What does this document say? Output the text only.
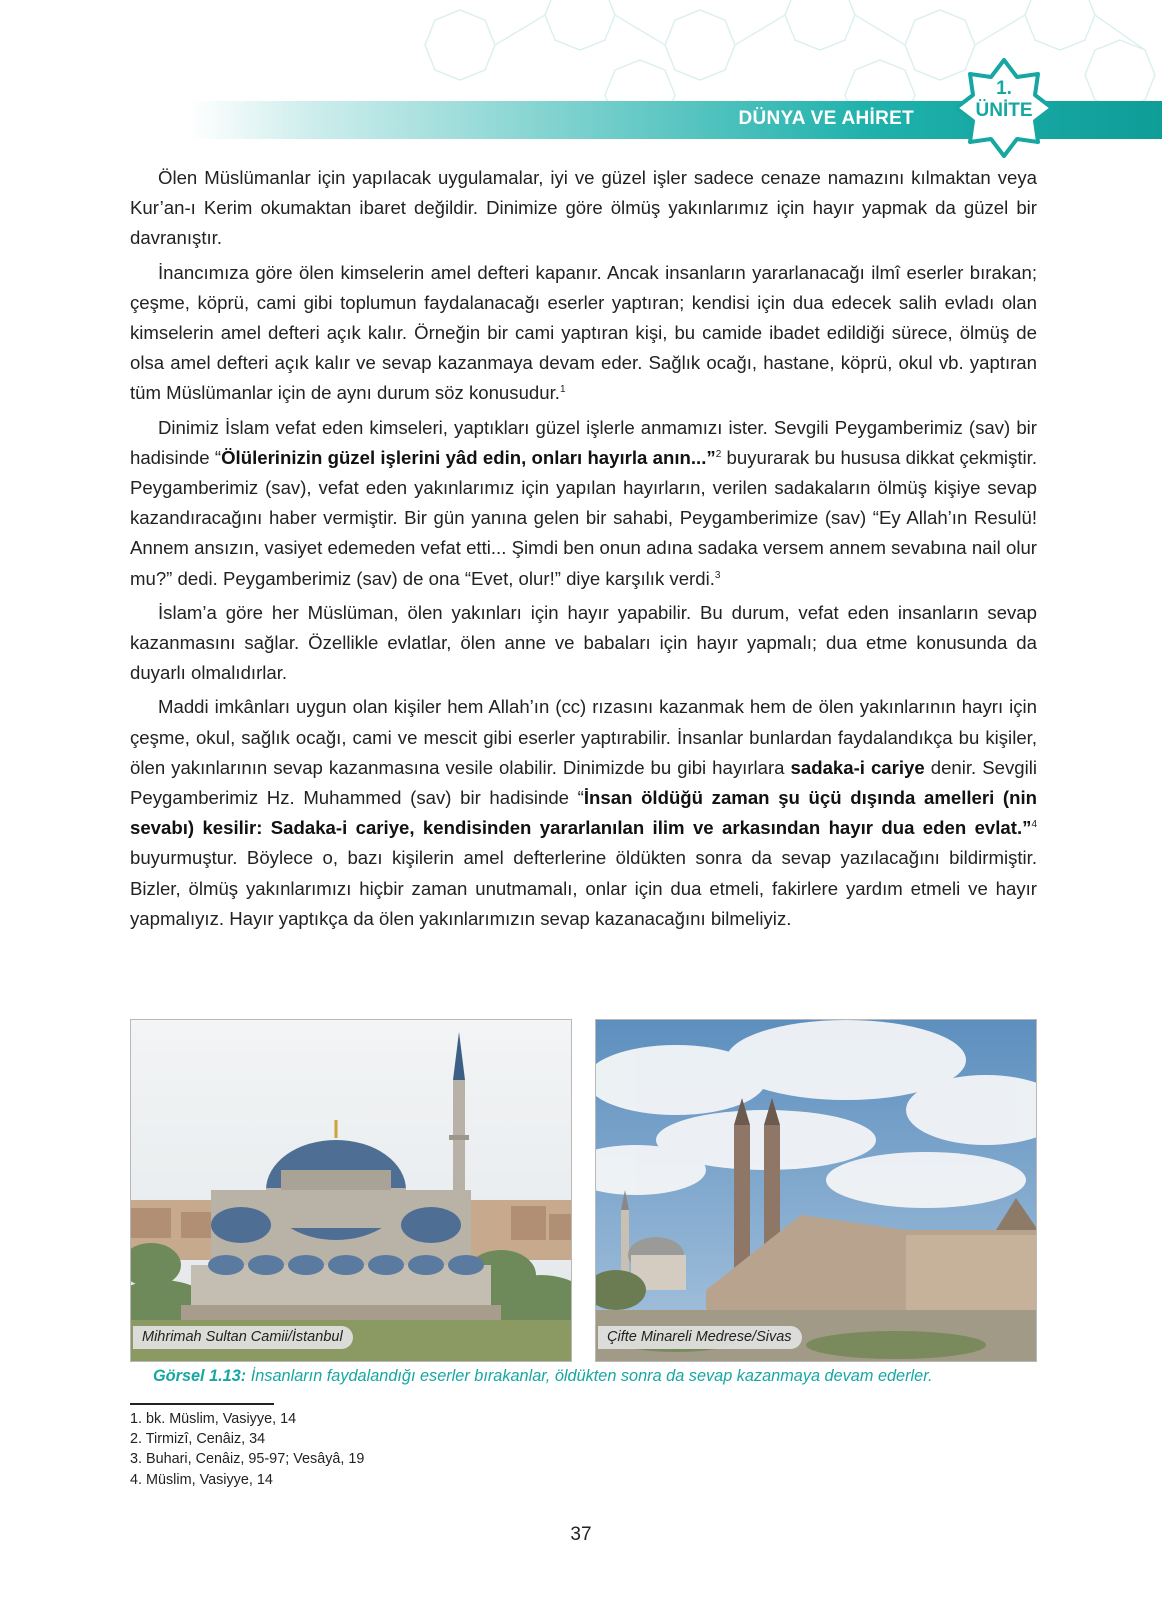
DÜNYA VE AHİRET
1.
ÜNİTE

Ölen Müslümanlar için yapılacak uygulamalar, iyi ve güzel işler sadece cenaze namazını kılmaktan veya Kur’an-ı Kerim okumaktan ibaret değildir. Dinimize göre ölmüş yakınlarımız için hayır yapmak da güzel bir davranıştır.

İnancımıza göre ölen kimselerin amel defteri kapanır. Ancak insanların yararlanacağı ilmî eserler bırakan; çeşme, köprü, cami gibi toplumun faydalanacağı eserler yaptıran; kendisi için dua edecek salih evladı olan kimselerin amel defteri açık kalır. Örneğin bir cami yaptıran kişi, bu camide ibadet edildiği sürece, ölmüş de olsa amel defteri açık kalır ve sevap kazanmaya devam eder. Sağlık ocağı, hastane, köprü, okul vb. yaptıran tüm Müslümanlar için de aynı durum söz konusudur.$^1$

Dinimiz İslam vefat eden kimseleri, yaptıkları güzel işlerle anmamızı ister. Sevgili Peygamberimiz (sav) bir hadisinde “Ölülerinizin güzel işlerini yâd edin, onları hayırla anın...”$^2$ buyurarak bu hususa dikkat çekmiştir. Peygamberimiz (sav), vefat eden yakınlarımız için yapılan hayırların, verilen sadakaların ölmüş kişiye sevap kazandıracağını haber vermiştir. Bir gün yanına gelen bir sahabi, Peygamberimize (sav) “Ey Allah’ın Resulü! Annem ansızın, vasiyet edemeden vefat etti... Şimdi ben onun adına sadaka versem annem sevabına nail olur mu?” dedi. Peygamberimiz (sav) de ona “Evet, olur!” diye karşılık verdi.$^3$

İslam’a göre her Müslüman, ölen yakınları için hayır yapabilir. Bu durum, vefat eden insanların sevap kazanmasını sağlar. Özellikle evlatlar, ölen anne ve babaları için hayır yapmalı; dua etme konusunda da duyarlı olmalıdırlar.

Maddi imkânları uygun olan kişiler hem Allah’ın (cc) rızasını kazanmak hem de ölen yakınlarının hayrı için çeşme, okul, sağlık ocağı, cami ve mescit gibi eserler yaptırabilir. İnsanlar bunlardan faydalandıkça bu kişiler, ölen yakınlarının sevap kazanmasına vesile olabilir. Dinimizde bu gibi hayırlara sadaka-i cariye denir. Sevgili Peygamberimiz Hz. Muhammed (sav) bir hadisinde “İnsan öldüğü zaman şu üçü dışında amelleri (nin sevabı) kesilir: Sadaka-i cariye, kendisinden yararlanılan ilim ve arkasından hayır dua eden evlat.”$^4$ buyurmuştur. Böylece o, bazı kişilerin amel defterlerine öldükten sonra da sevap yazılacağını bildirmiştir. Bizler, ölmüş yakınlarımızı hiçbir zaman unutmamalı, onlar için dua etmeli, fakirlere yardım etmeli ve hayır yapmalıyız. Hayır yaptıkça da ölen yakınlarımızın sevap kazanacağını bilmeliyiz.

Mihrimah Sultan Camii/İstanbul	Çifte Minareli Medrese/Sivas
Görsel 1.13: İnsanların faydalandığı eserler bırakanlar, öldükten sonra da sevap kazanmaya devam ederler.
1. bk. Müslim, Vasiyye, 14
2. Tirmizî, Cenâiz, 34
3. Buhari, Cenâiz, 95-97; Vesâyâ, 19
4. Müslim, Vasiyye, 14
37
